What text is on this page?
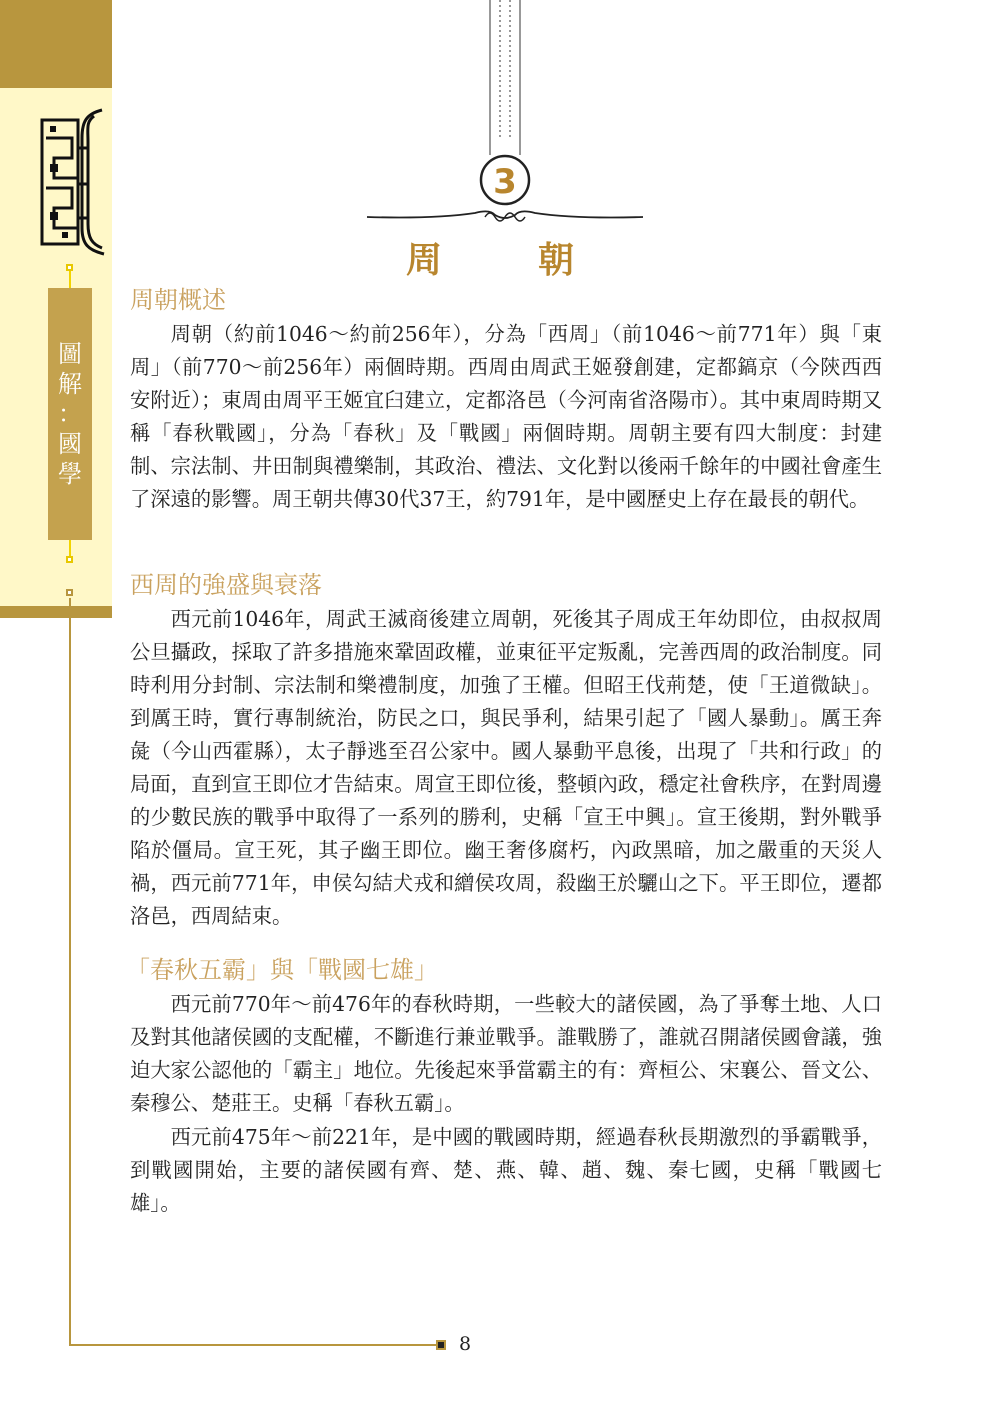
圖
解
：
國
學
8
3
周　朝
周朝概述

周朝（約前1046～約前256年），分為「西周」（前1046～前771年）與「東周」（前770～前256年）兩個時期。西周由周武王姬發創建，定都鎬京（今陝西西安附近）；東周由周平王姬宜臼建立，定都洛邑（今河南省洛陽市）。其中東周時期又稱「春秋戰國」，分為「春秋」及「戰國」兩個時期。周朝主要有四大制度：封建制、宗法制、井田制與禮樂制，其政治、禮法、文化對以後兩千餘年的中國社會產生了深遠的影響。周王朝共傳30代37王，約791年，是中國歷史上存在最長的朝代。

西周的強盛與衰落

西元前1046年，周武王滅商後建立周朝，死後其子周成王年幼即位，由叔叔周公旦攝政，採取了許多措施來鞏固政權，並東征平定叛亂，完善西周的政治制度。同時利用分封制、宗法制和樂禮制度，加強了王權。但昭王伐荊楚，使「王道微缺」。到厲王時，實行專制統治，防民之口，與民爭利，結果引起了「國人暴動」。厲王奔彘（今山西霍縣），太子靜逃至召公家中。國人暴動平息後，出現了「共和行政」的局面，直到宣王即位才告結束。周宣王即位後，整頓內政，穩定社會秩序，在對周邊的少數民族的戰爭中取得了一系列的勝利，史稱「宣王中興」。宣王後期，對外戰爭陷於僵局。宣王死，其子幽王即位。幽王奢侈腐朽，內政黑暗，加之嚴重的天災人禍，西元前771年，申侯勾結犬戎和繒侯攻周，殺幽王於驪山之下。平王即位，遷都洛邑，西周結束。

「春秋五霸」與「戰國七雄」

西元前770年～前476年的春秋時期，一些較大的諸侯國，為了爭奪土地、人口及對其他諸侯國的支配權，不斷進行兼並戰爭。誰戰勝了，誰就召開諸侯國會議，強迫大家公認他的「霸主」地位。先後起來爭當霸主的有：齊桓公、宋襄公、晉文公、秦穆公、楚莊王。史稱「春秋五霸」。

西元前475年～前221年，是中國的戰國時期，經過春秋長期激烈的爭霸戰爭，到戰國開始，主要的諸侯國有齊、楚、燕、韓、趙、魏、秦七國，史稱「戰國七雄」。
